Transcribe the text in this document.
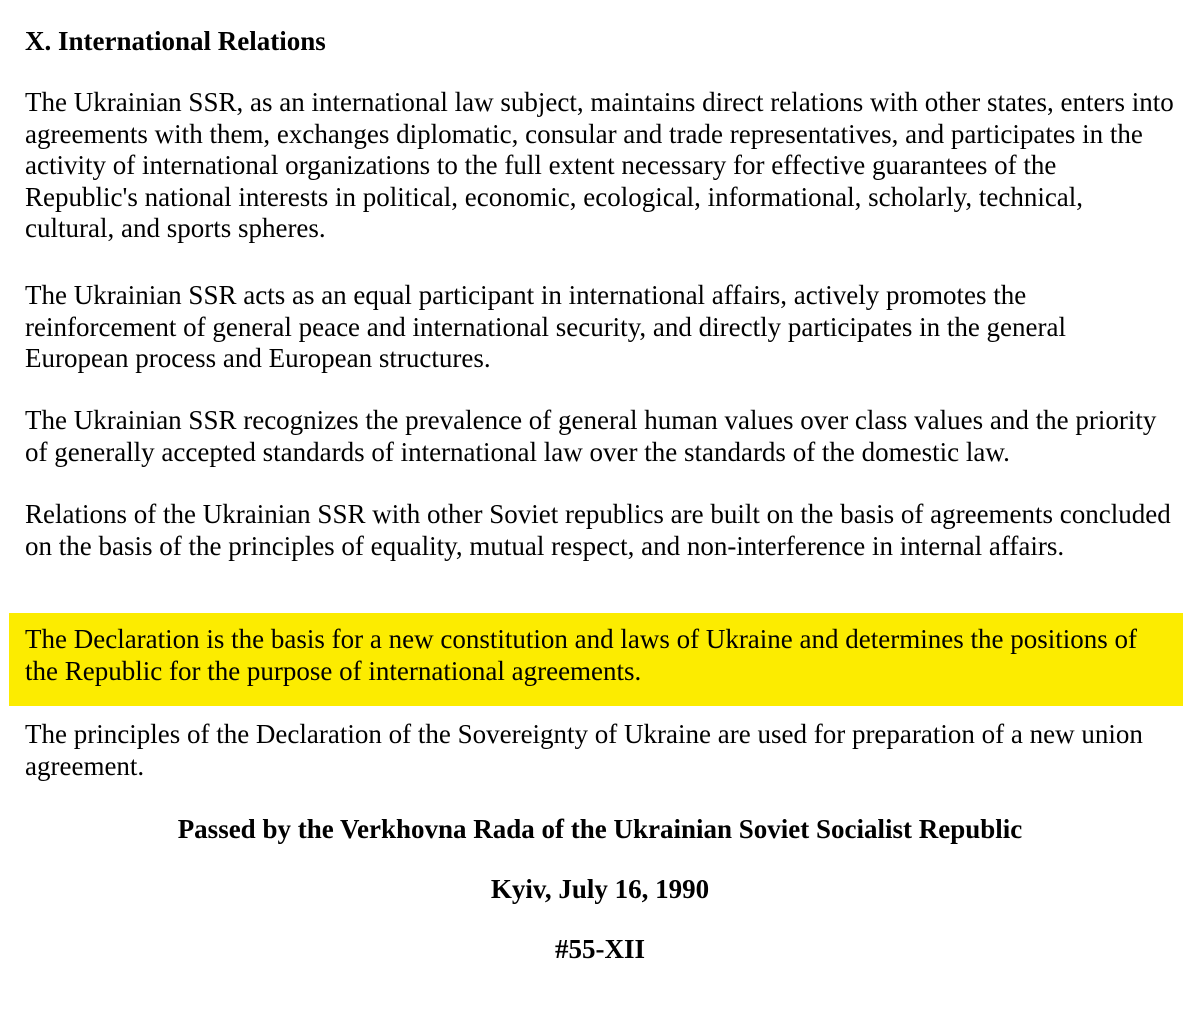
X. International Relations

The Ukrainian SSR, as an international law subject, maintains direct relations with other states, enters into agreements with them, exchanges diplomatic, consular and trade representatives, and participates in the activity of international organizations to the full extent necessary for effective guarantees of the Republic's national interests in political, economic, ecological, informational, scholarly, technical, cultural, and sports spheres.

The Ukrainian SSR acts as an equal participant in international affairs, actively promotes the reinforcement of general peace and international security, and directly participates in the general European process and European structures.

The Ukrainian SSR recognizes the prevalence of general human values over class values and the priority of generally accepted standards of international law over the standards of the domestic law.

Relations of the Ukrainian SSR with other Soviet republics are built on the basis of agreements concluded on the basis of the principles of equality, mutual respect, and non-interference in internal affairs.

The Declaration is the basis for a new constitution and laws of Ukraine and determines the positions of the Republic for the purpose of international agreements.

The principles of the Declaration of the Sovereignty of Ukraine are used for preparation of a new union agreement.

Passed by the Verkhovna Rada of the Ukrainian Soviet Socialist Republic

Kyiv, July 16, 1990

#55-XII
